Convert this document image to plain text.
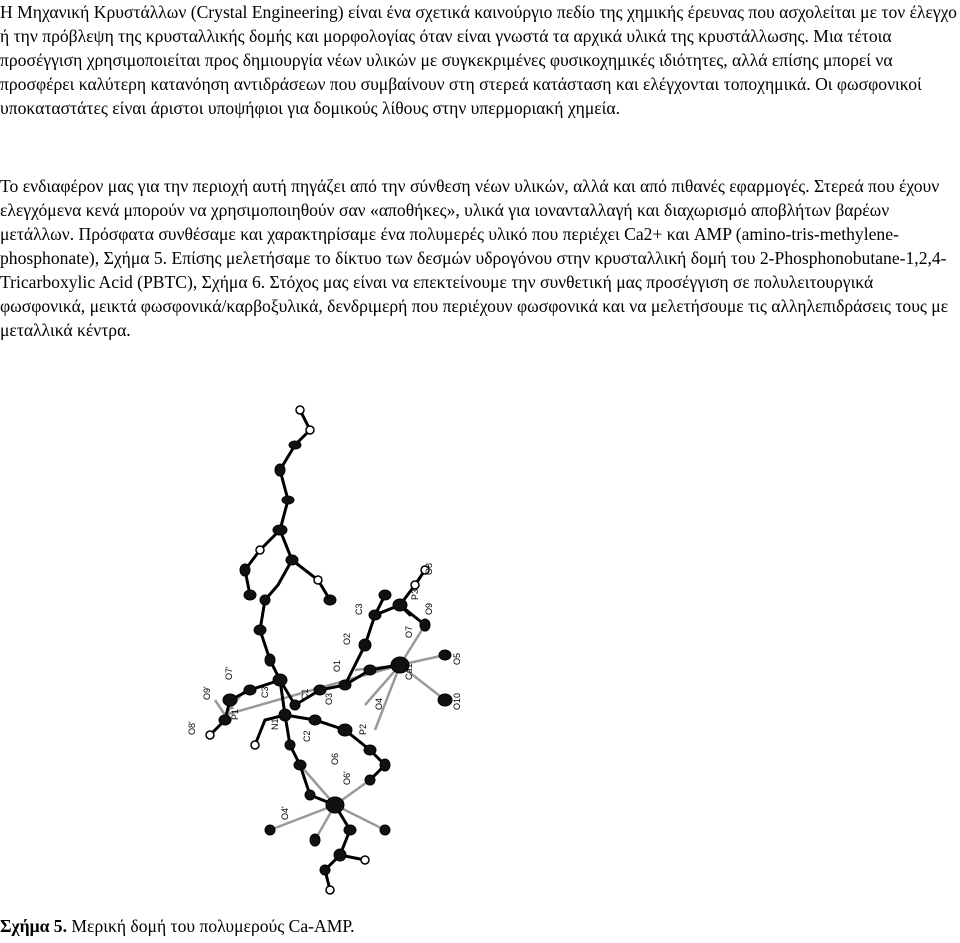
Η Μηχανική Κρυστάλλων (Crystal Engineering) είναι ένα σχετικά καινούργιο πεδίο της χημικής έρευνας που ασχολείται με τον έλεγχο ή την πρόβλεψη της κρυσταλλικής δομής και μορφολογίας όταν είναι γνωστά τα αρχικά υλικά της κρυστάλλωσης. Μια τέτοια προσέγγιση χρησιμοποιείται προς δημιουργία νέων υλικών με συγκεκριμένες φυσικοχημικές ιδιότητες, αλλά επίσης μπορεί να προσφέρει καλύτερη κατανόηση αντιδράσεων που συμβαίνουν στη στερεά κατάσταση και ελέγχονται τοποχημικά. Οι φωσφονικοί υποκαταστάτες είναι άριστοι υποψήφιοι για δομικούς λίθους στην υπερμοριακή χημεία.

Το ενδιαφέρον μας για την περιοχή αυτή πηγάζει από την σύνθεση νέων υλικών, αλλά και από πιθανές εφαρμογές. Στερεά που έχουν ελεγχόμενα κενά μπορούν να χρησιμοποιηθούν σαν «αποθήκες», υλικά για ιονανταλλαγή και διαχωρισμό αποβλήτων βαρέων μετάλλων. Πρόσφατα συνθέσαμε και χαρακτηρίσαμε ένα πολυμερές υλικό που περιέχει Ca2+ και AMP (amino-tris-methylene-phosphonate), Σχήμα 5. Επίσης μελετήσαμε το δίκτυο των δεσμών υδρογόνου στην κρυσταλλική δομή του 2-Phosphonobutane-1,2,4-Tricarboxylic Acid (PBTC), Σχήμα 6. Στόχος μας είναι να επεκτείνουμε την συνθετική μας προσέγγιση σε πολυλειτουργικά φωσφονικά, μεικτά φωσφονικά/καρβοξυλικά, δενδριμερή που περιέχουν φωσφονικά και να μελετήσουμε τις αλληλεπιδράσεις τους με μεταλλικά κέντρα.

O8
P3
O9
C3
O7
O2
O5
Ca1
O1
O7'
O9'	C3'	C1 O3	O4
P1'
O8'	N1
C2
P2
O10
O6
O6'
O4'

Σχήμα 5. Μερική δομή του πολυμερούς Ca-AMP.
